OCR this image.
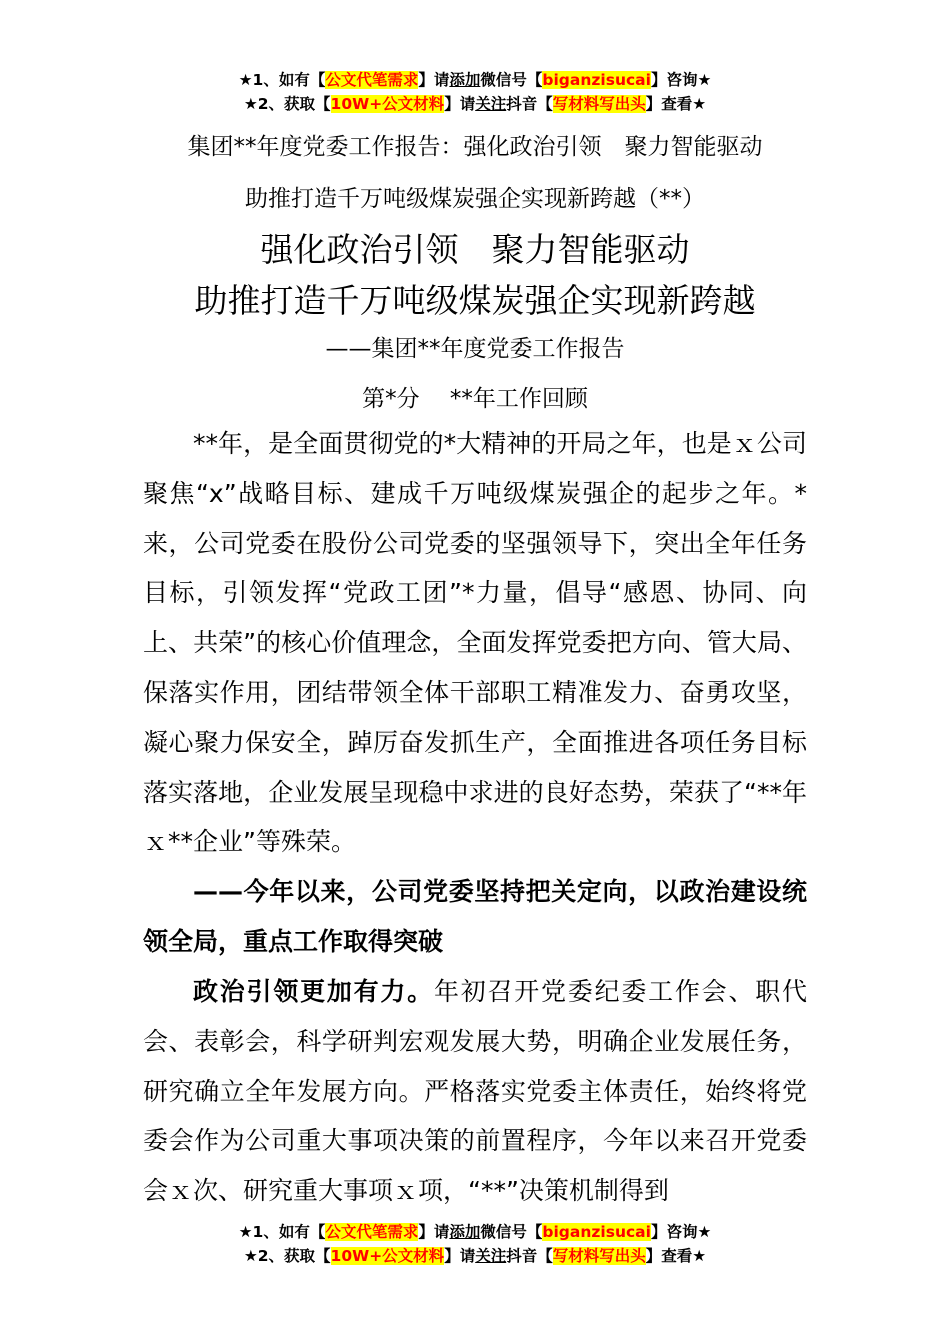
★1、如有【公文代笔需求】请添加微信号【biganzisucai】咨询★
★2、获取【10W+公文材料】请关注抖音【写材料写出头】查看★
集团**年度党委工作报告：强化政治引领　聚力智能驱动
助推打造千万吨级煤炭强企实现新跨越（**）
强化政治引领　聚力智能驱动
助推打造千万吨级煤炭强企实现新跨越
——集团**年度党委工作报告
第*分　 **年工作回顾

**年，是全面贯彻党的*大精神的开局之年，也是ｘ公司聚焦“x”战略目标、建成千万吨级煤炭强企的起步之年。*来，公司党委在股份公司党委的坚强领导下，突出全年任务目标，引领发挥“党政工团”*力量，倡导“感恩、协同、向上、共荣”的核心价值理念，全面发挥党委把方向、管大局、保落实作用，团结带领全体干部职工精准发力、奋勇攻坚，凝心聚力保安全，踔厉奋发抓生产，全面推进各项任务目标落实落地，企业发展呈现稳中求进的良好态势，荣获了“**年ｘ**企业”等殊荣。

——今年以来，公司党委坚持把关定向，以政治建设统领全局，重点工作取得突破

政治引领更加有力。年初召开党委纪委工作会、职代会、表彰会，科学研判宏观发展大势，明确企业发展任务，研究确立全年发展方向。严格落实党委主体责任，始终将党委会作为公司重大事项决策的前置程序，今年以来召开党委会ｘ次、研究重大事项ｘ项，“**”决策机制得到

★1、如有【公文代笔需求】请添加微信号【biganzisucai】咨询★
★2、获取【10W+公文材料】请关注抖音【写材料写出头】查看★
